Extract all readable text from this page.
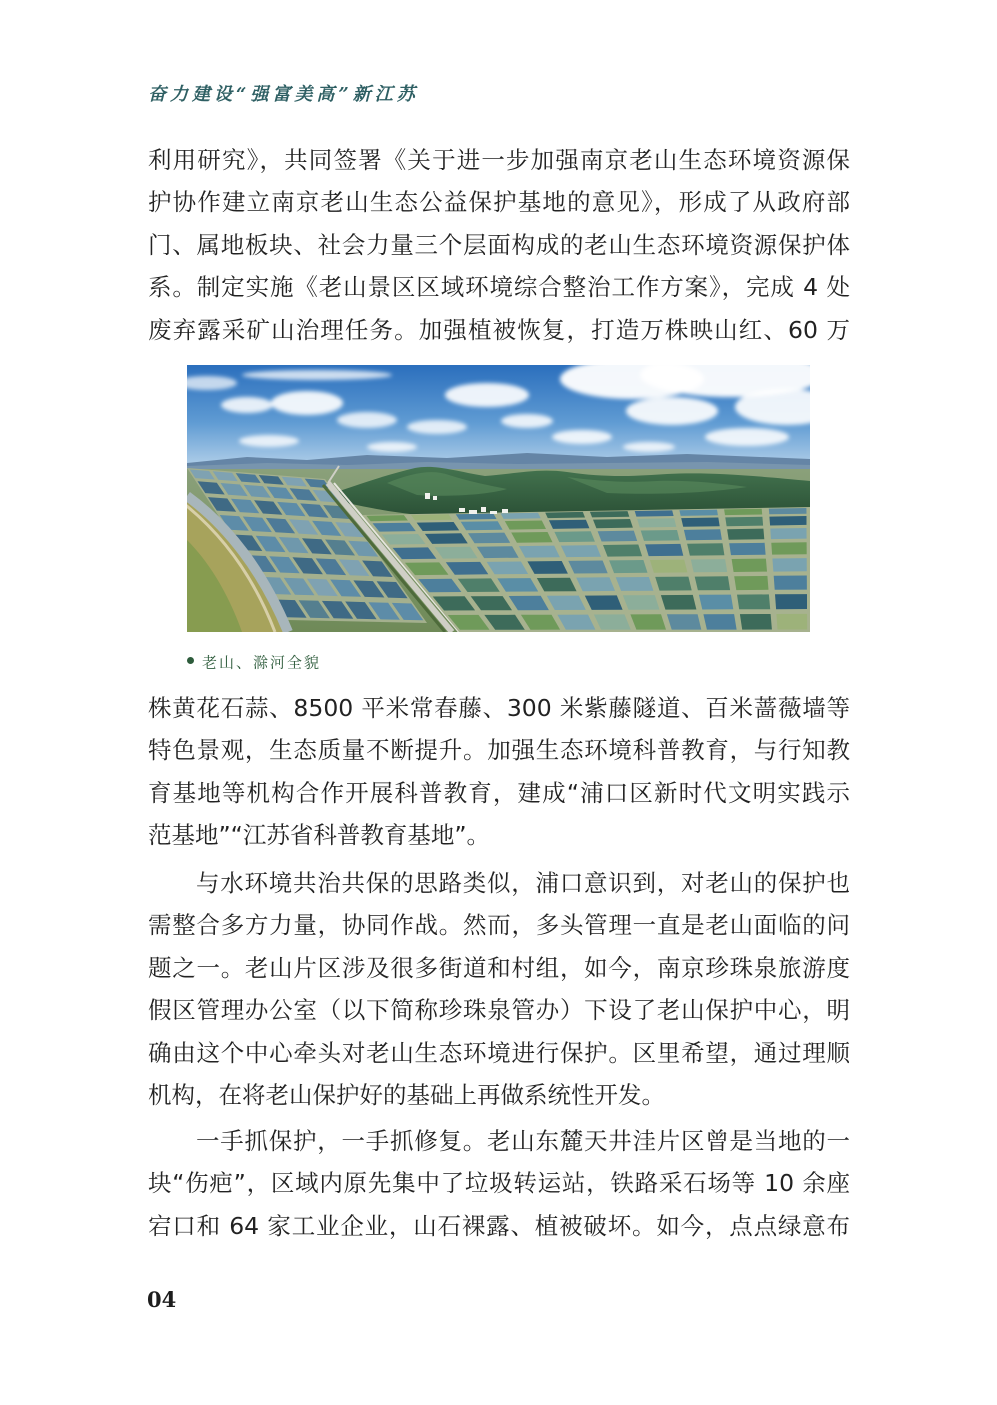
奋力建设“强富美高”新江苏
利用研究》，共同签署《关于进一步加强南京老山生态环境资源保
护协作建立南京老山生态公益保护基地的意见》，形成了从政府部
门、属地板块、社会力量三个层面构成的老山生态环境资源保护体
系。制定实施《老山景区区域环境综合整治工作方案》，完成 4 处
废弃露采矿山治理任务。加强植被恢复，打造万株映山红、60 万
老山、滁河全貌
株黄花石蒜、8500 平米常春藤、300 米紫藤隧道、百米蔷薇墙等
特色景观，生态质量不断提升。加强生态环境科普教育，与行知教
育基地等机构合作开展科普教育，建成“浦口区新时代文明实践示
范基地”“江苏省科普教育基地”。
与水环境共治共保的思路类似，浦口意识到，对老山的保护也
需整合多方力量，协同作战。然而，多头管理一直是老山面临的问
题之一。老山片区涉及很多街道和村组，如今，南京珍珠泉旅游度
假区管理办公室（以下简称珍珠泉管办）下设了老山保护中心，明
确由这个中心牵头对老山生态环境进行保护。区里希望，通过理顺
机构，在将老山保护好的基础上再做系统性开发。
一手抓保护，一手抓修复。老山东麓天井洼片区曾是当地的一
块“伤疤”，区域内原先集中了垃圾转运站，铁路采石场等 10 余座
宕口和 64 家工业企业，山石裸露、植被破坏。如今，点点绿意布
04
